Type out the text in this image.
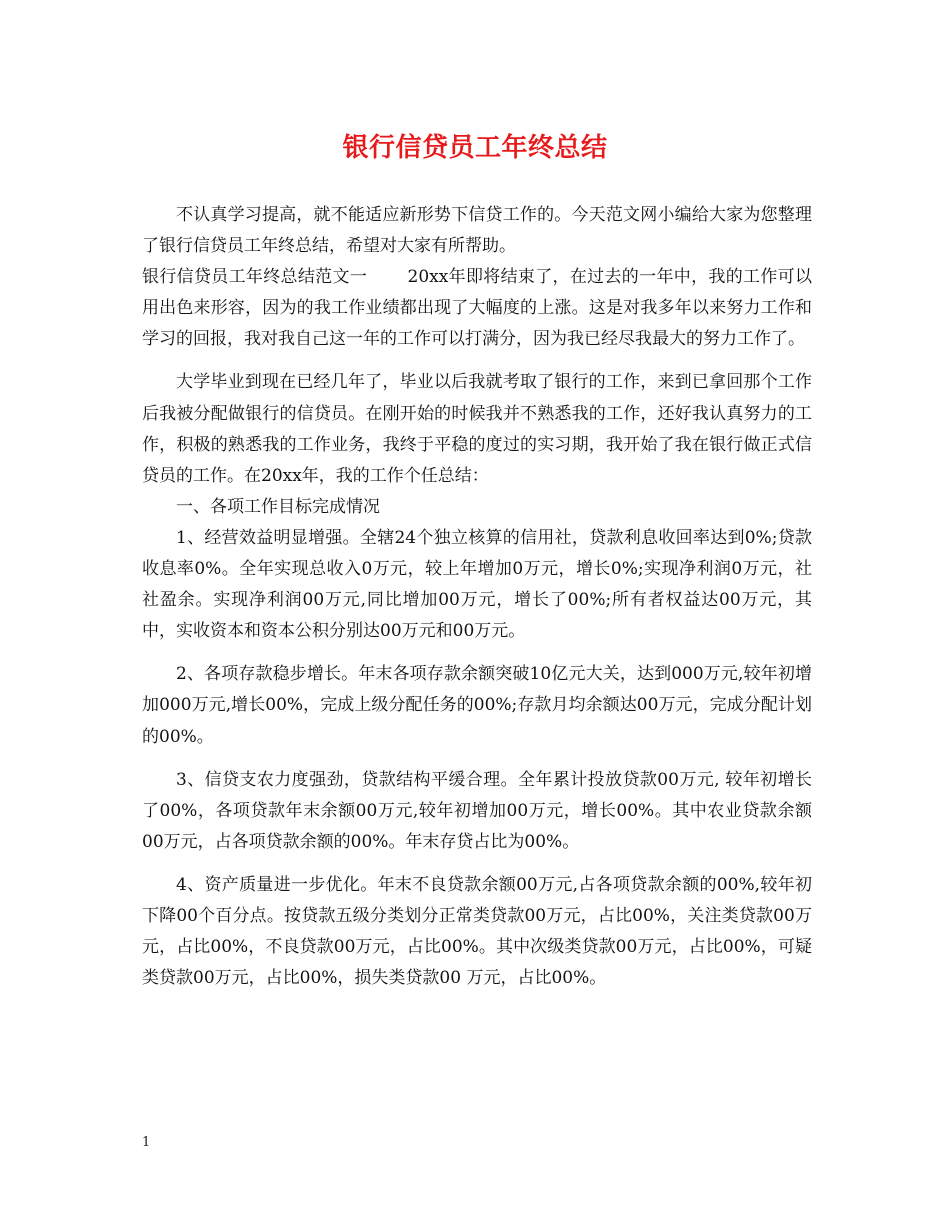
银行信贷员工年终总结

不认真学习提高，就不能适应新形势下信贷工作的。今天范文网小编给大家为您整理了银行信贷员工年终总结，希望对大家有所帮助。

银行信贷员工年终总结范文一　　 20xx年即将结束了，在过去的一年中，我的工作可以用出色来形容，因为的我工作业绩都出现了大幅度的上涨。这是对我多年以来努力工作和学习的回报，我对我自己这一年的工作可以打满分，因为我已经尽我最大的努力工作了。

大学毕业到现在已经几年了，毕业以后我就考取了银行的工作，来到已拿回那个工作后我被分配做银行的信贷员。在刚开始的时候我并不熟悉我的工作，还好我认真努力的工作，积极的熟悉我的工作业务，我终于平稳的度过的实习期，我开始了我在银行做正式信贷员的工作。在20xx年，我的工作个任总结：

一、各项工作目标完成情况

1、经营效益明显增强。全辖24个独立核算的信用社，贷款利息收回率达到0%;贷款收息率0%。全年实现总收入0万元，较上年增加0万元，增长0%;实现净利润0万元，社社盈余。实现净利润00万元,同比增加00万元，增长了00%;所有者权益达00万元，其中，实收资本和资本公积分别达00万元和00万元。

2、各项存款稳步增长。年末各项存款余额突破10亿元大关，达到000万元,较年初增加000万元,增长00%，完成上级分配任务的00%;存款月均余额达00万元，完成分配计划的00%。

3、信贷支农力度强劲，贷款结构平缓合理。全年累计投放贷款00万元, 较年初增长了00%，各项贷款年末余额00万元,较年初增加00万元，增长00%。其中农业贷款余额00万元，占各项贷款余额的00%。年末存贷占比为00%。

4、资产质量进一步优化。年末不良贷款余额00万元,占各项贷款余额的00%,较年初下降00个百分点。按贷款五级分类划分正常类贷款00万元，占比00%，关注类贷款00万元，占比00%，不良贷款00万元，占比00%。其中次级类贷款00万元，占比00%，可疑类贷款00万元，占比00%，损失类贷款00 万元，占比00%。

1
